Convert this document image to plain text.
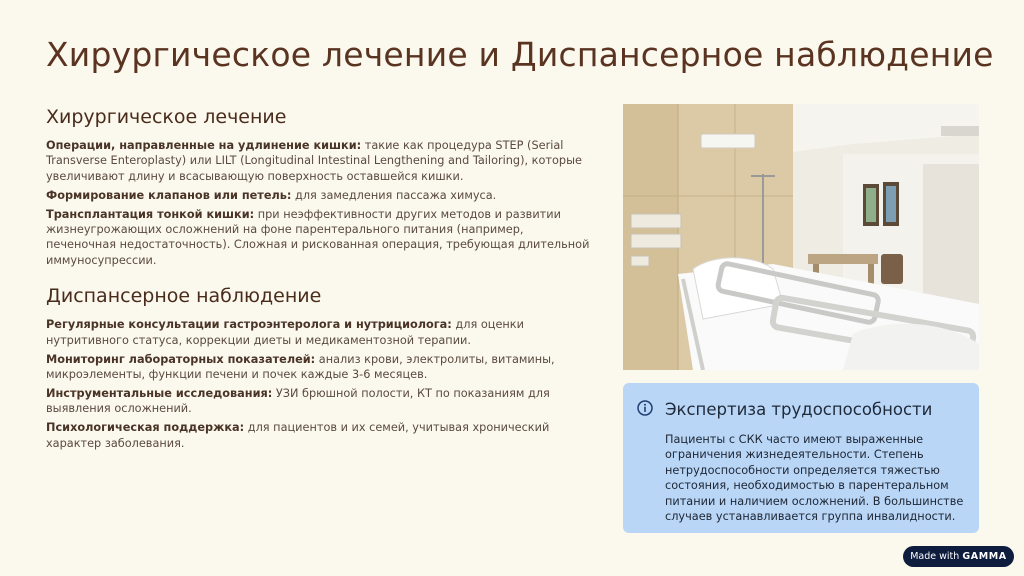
Хирургическое лечение и Диспансерное наблюдение
Хирургическое лечение

Операции, направленные на удлинение кишки: такие как процедура STEP (Serial Transverse Enteroplasty) или LILT (Longitudinal Intestinal Lengthening and Tailoring), которые увеличивают длину и всасывающую поверхность оставшейся кишки.

Формирование клапанов или петель: для замедления пассажа химуса.

Трансплантация тонкой кишки: при неэффективности других методов и развитии жизнеугрожающих осложнений на фоне парентерального питания (например, печеночная недостаточность). Сложная и рискованная операция, требующая длительной иммуносупрессии.

Диспансерное наблюдение

Регулярные консультации гастроэнтеролога и нутрициолога: для оценки нутритивного статуса, коррекции диеты и медикаментозной терапии.

Мониторинг лабораторных показателей: анализ крови, электролиты, витамины, микроэлементы, функции печени и почек каждые 3-6 месяцев.

Инструментальные исследования: УЗИ брюшной полости, КТ по показаниям для выявления осложнений.

Психологическая поддержка: для пациентов и их семей, учитывая хронический характер заболевания.

Экспертиза трудоспособности
Пациенты с СКК часто имеют выраженные ограничения жизнедеятельности. Степень нетрудоспособности определяется тяжестью состояния, необходимостью в парентеральном питании и наличием осложнений. В большинстве случаев устанавливается группа инвалидности.
Made with GAMMA
